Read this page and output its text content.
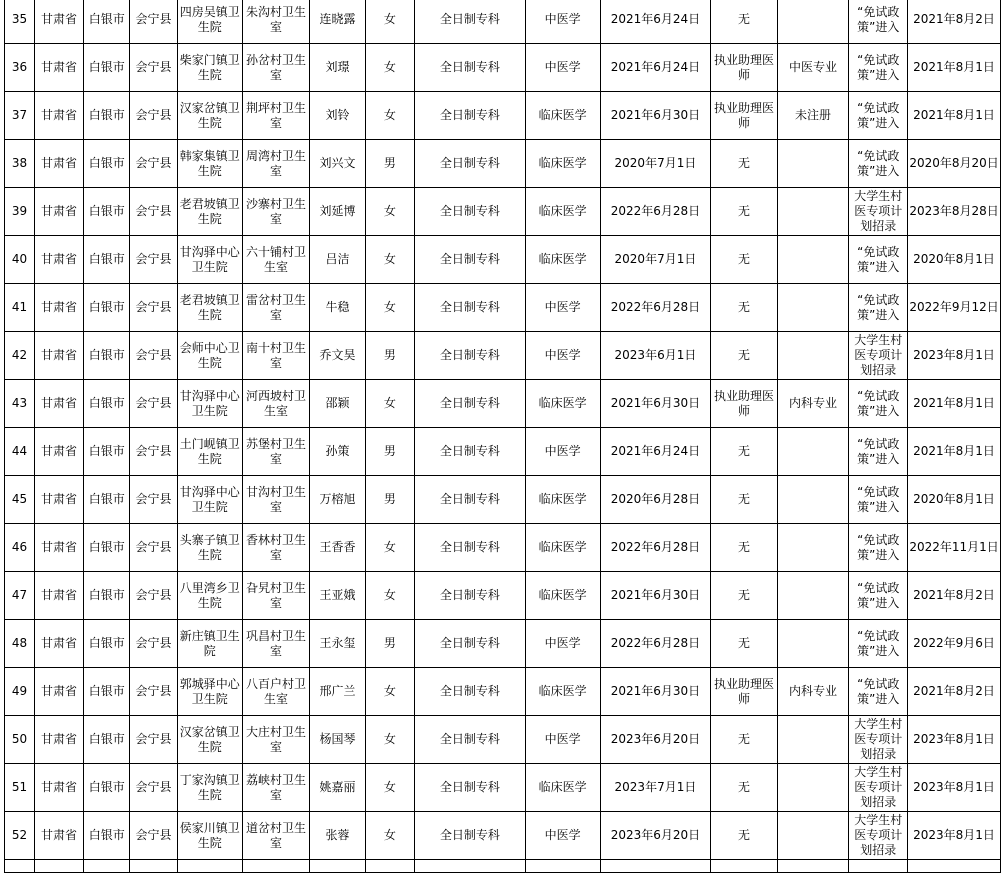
35	甘肃省	白银市	会宁县	四房吴镇卫生院	朱沟村卫生室	连晓露	女	全日制专科	中医学	2021年6月24日	无		“免试政策”进入	2021年8月2日
36	甘肃省	白银市	会宁县	柴家门镇卫生院	孙岔村卫生室	刘璟	女	全日制专科	中医学	2021年6月24日	执业助理医师	中医专业	“免试政策”进入	2021年8月1日
37	甘肃省	白银市	会宁县	汉家岔镇卫生院	荆坪村卫生室	刘铃	女	全日制专科	临床医学	2021年6月30日	执业助理医师	未注册	“免试政策”进入	2021年8月1日
38	甘肃省	白银市	会宁县	韩家集镇卫生院	周湾村卫生室	刘兴文	男	全日制专科	临床医学	2020年7月1日	无		“免试政策”进入	2020年8月20日
39	甘肃省	白银市	会宁县	老君坡镇卫生院	沙寨村卫生室	刘延博	女	全日制专科	临床医学	2022年6月28日	无		大学生村医专项计划招录	2023年8月28日
40	甘肃省	白银市	会宁县	甘沟驿中心卫生院	六十铺村卫生室	吕洁	女	全日制专科	临床医学	2020年7月1日	无		“免试政策”进入	2020年8月1日
41	甘肃省	白银市	会宁县	老君坡镇卫生院	雷岔村卫生室	牛稳	女	全日制专科	中医学	2022年6月28日	无		“免试政策”进入	2022年9月12日
42	甘肃省	白银市	会宁县	会师中心卫生院	南十村卫生室	乔文昊	男	全日制专科	中医学	2023年6月1日	无		大学生村医专项计划招录	2023年8月1日
43	甘肃省	白银市	会宁县	甘沟驿中心卫生院	河西坡村卫生室	邵颖	女	全日制专科	临床医学	2021年6月30日	执业助理医师	内科专业	“免试政策”进入	2021年8月1日
44	甘肃省	白银市	会宁县	土门岘镇卫生院	苏堡村卫生室	孙策	男	全日制专科	中医学	2021年6月24日	无		“免试政策”进入	2021年8月1日
45	甘肃省	白银市	会宁县	甘沟驿中心卫生院	甘沟村卫生室	万榕旭	男	全日制专科	临床医学	2020年6月28日	无		“免试政策”进入	2020年8月1日
46	甘肃省	白银市	会宁县	头寨子镇卫生院	香林村卫生室	王香香	女	全日制专科	临床医学	2022年6月28日	无		“免试政策”进入	2022年11月1日
47	甘肃省	白银市	会宁县	八里湾乡卫生院	旮旯村卫生室	王亚娥	女	全日制专科	临床医学	2021年6月30日	无		“免试政策”进入	2021年8月2日
48	甘肃省	白银市	会宁县	新庄镇卫生院	巩昌村卫生室	王永玺	男	全日制专科	中医学	2022年6月28日	无		“免试政策”进入	2022年9月6日
49	甘肃省	白银市	会宁县	郭城驿中心卫生院	八百户村卫生室	邢广兰	女	全日制专科	临床医学	2021年6月30日	执业助理医师	内科专业	“免试政策”进入	2021年8月2日
50	甘肃省	白银市	会宁县	汉家岔镇卫生院	大庄村卫生室	杨国琴	女	全日制专科	中医学	2023年6月20日	无		大学生村医专项计划招录	2023年8月1日
51	甘肃省	白银市	会宁县	丁家沟镇卫生院	荔峡村卫生室	姚嘉丽	女	全日制专科	临床医学	2023年7月1日	无		大学生村医专项计划招录	2023年8月1日
52	甘肃省	白银市	会宁县	侯家川镇卫生院	道岔村卫生室	张蓉	女	全日制专科	中医学	2023年6月20日	无		大学生村医专项计划招录	2023年8月1日
